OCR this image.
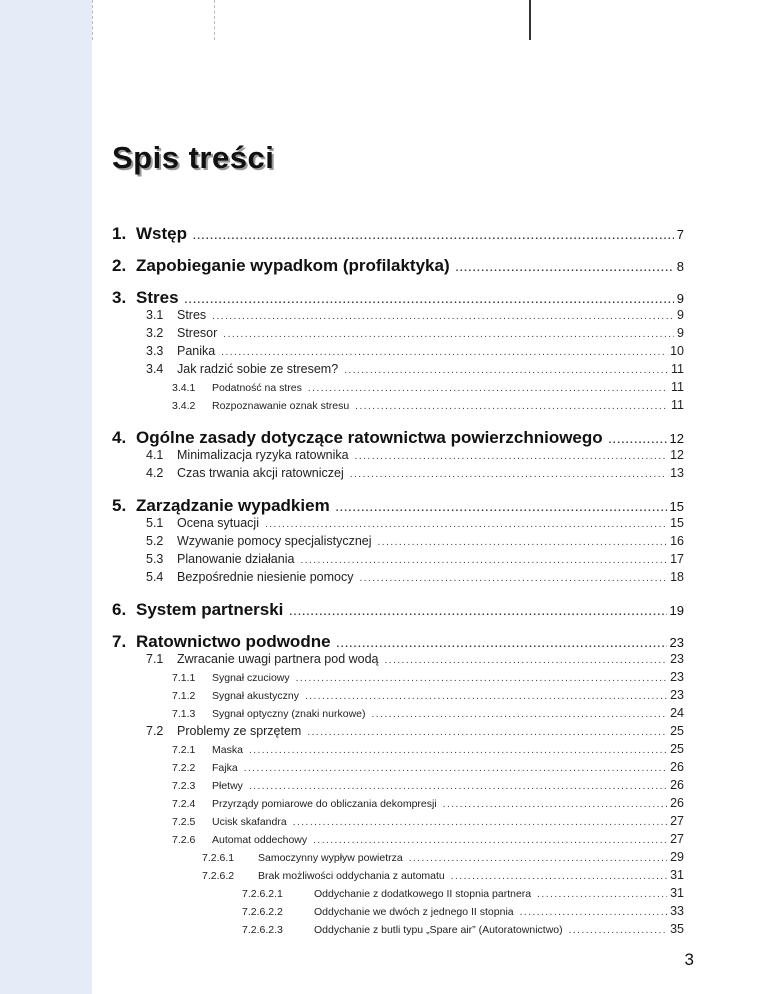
Spis treści
1. Wstęp .....	7
2. Zapobieganie wypadkom (profilaktyka) .....	8
3. Stres .....	9
3.1	Stres .....	9
3.2	Stresor .....	9
3.3	Panika .....	10
3.4	Jak radzić sobie ze stresem? .....	11
3.4.1	Podatność na stres .....	11
3.4.2	Rozpoznawanie oznak stresu .....	11
4. Ogólne zasady dotyczące ratownictwa powierzchniowego .....	12
4.1	Minimalizacja ryzyka ratownika .....	12
4.2	Czas trwania akcji ratowniczej .....	13
5. Zarządzanie wypadkiem .....	15
5.1	Ocena sytuacji .....	15
5.2	Wzywanie pomocy specjalistycznej .....	16
5.3	Planowanie działania .....	17
5.4	Bezpośrednie niesienie pomocy .....	18
6. System partnerski .....	19
7. Ratownictwo podwodne .....	23
7.1	Zwracanie uwagi partnera pod wodą .....	23
7.1.1	Sygnał czuciowy .....	23
7.1.2	Sygnał akustyczny .....	23
7.1.3	Sygnał optyczny (znaki nurkowe) .....	24
7.2	Problemy ze sprzętem .....	25
7.2.1	Maska .....	25
7.2.2	Fajka .....	26
7.2.3	Płetwy .....	26
7.2.4	Przyrządy pomiarowe do obliczania dekompresji .....	26
7.2.5	Ucisk skafandra .....	27
7.2.6	Automat oddechowy .....	27
7.2.6.1	Samoczynny wypływ powietrza .....	29
7.2.6.2	Brak możliwości oddychania z automatu .....	31
7.2.6.2.1	Oddychanie z dodatkowego II stopnia partnera .....	31
7.2.6.2.2	Oddychanie we dwóch z jednego II stopnia .....	33
7.2.6.2.3	Oddychanie z butli typu „Spare air” (Autoratownictwo) .....	35
3
